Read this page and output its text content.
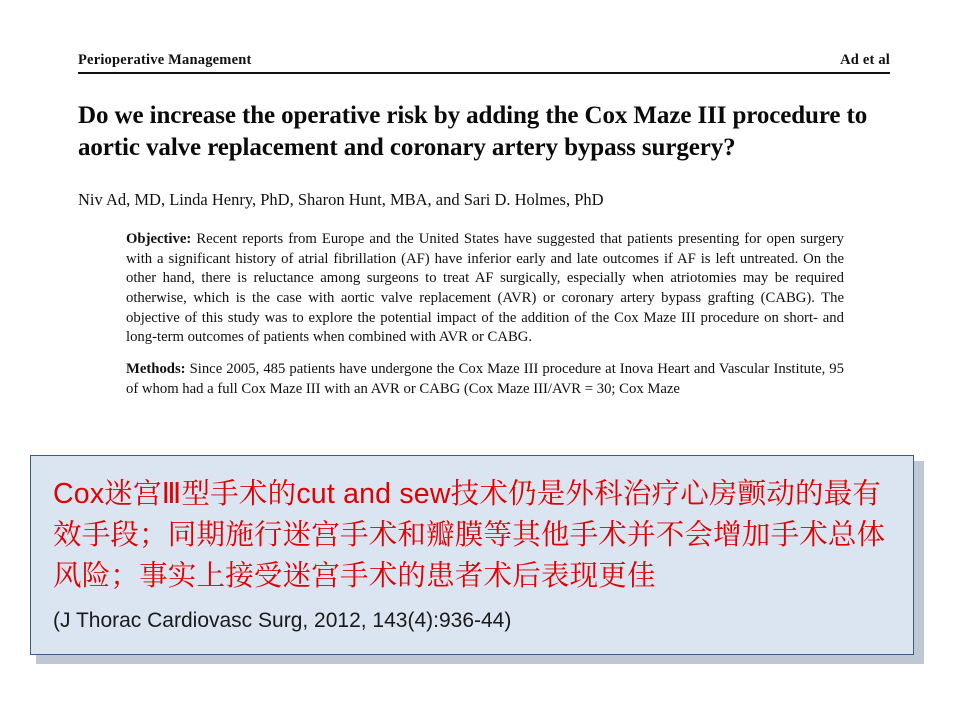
Perioperative Management	Ad et al
Do we increase the operative risk by adding the Cox Maze III procedure to aortic valve replacement and coronary artery bypass surgery?
Niv Ad, MD, Linda Henry, PhD, Sharon Hunt, MBA, and Sari D. Holmes, PhD

Objective: Recent reports from Europe and the United States have suggested that patients presenting for open surgery with a significant history of atrial fibrillation (AF) have inferior early and late outcomes if AF is left untreated. On the other hand, there is reluctance among surgeons to treat AF surgically, especially when atriotomies may be required otherwise, which is the case with aortic valve replacement (AVR) or coronary artery bypass grafting (CABG). The objective of this study was to explore the potential impact of the addition of the Cox Maze III procedure on short- and long-term outcomes of patients when combined with AVR or CABG.

Methods: Since 2005, 485 patients have undergone the Cox Maze III procedure at Inova Heart and Vascular Institute, 95 of whom had a full Cox Maze III with an AVR or CABG (Cox Maze III/AVR = 30; Cox Maze

Cox迷宫Ⅲ型手术的cut and sew技术仍是外科治疗心房颤动的最有效手段；同期施行迷宫手术和瓣膜等其他手术并不会增加手术总体风险；事实上接受迷宫手术的患者术后表现更佳
(J Thorac Cardiovasc Surg, 2012, 143(4):936-44)
